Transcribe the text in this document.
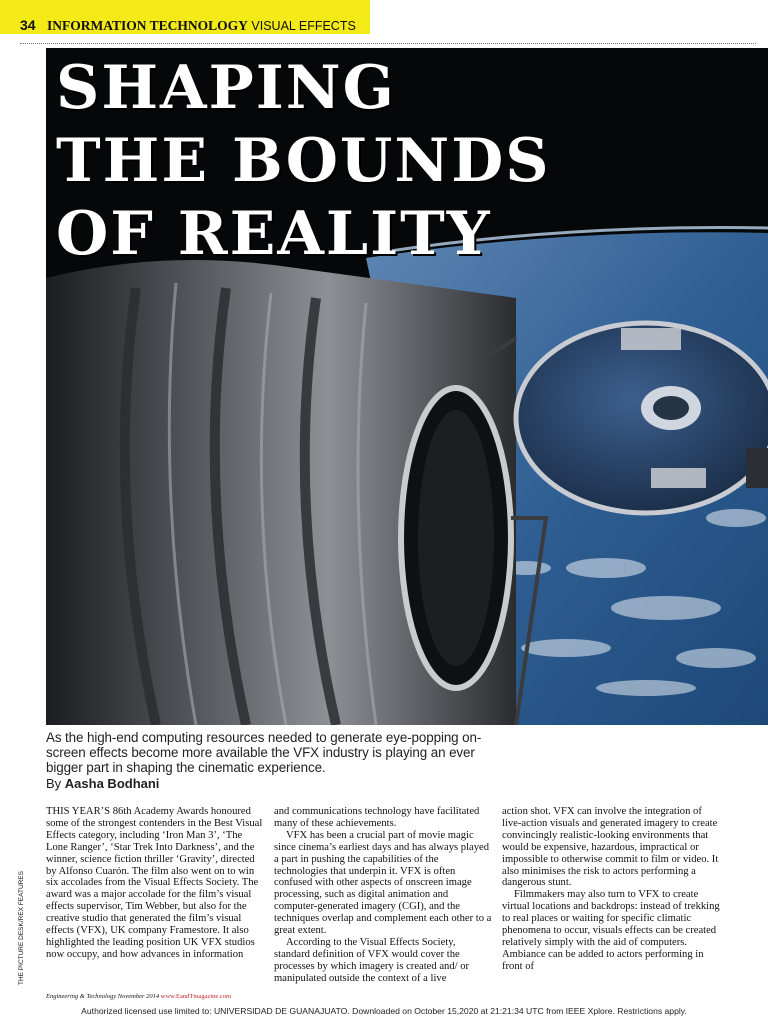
34 INFORMATION TECHNOLOGY VISUAL EFFECTS
SHAPING
THE BOUNDS
OF REALITY

As the high-end computing resources needed to generate eye-popping on-screen effects become more available the VFX industry is playing an ever bigger part in shaping the cinematic experience.

By Aasha Bodhani
THE PICTURE DESK/REX FEATURES

THIS YEAR’S 86th Academy Awards honoured some of the strongest contenders in the Best Visual Effects category, including ‘Iron Man 3’, ‘The Lone Ranger’, ‘Star Trek Into Darkness’, and the winner, science fiction thriller ‘Gravity’, directed by Alfonso Cuarón. The film also went on to win six accolades from the Visual Effects Society. The award was a major accolade for the film’s visual effects supervisor, Tim Webber, but also for the creative studio that generated the film’s visual effects (VFX), UK company Framestore. It also highlighted the leading position UK VFX studios now occupy, and how advances in information

and communications technology have facilitated many of these achievements.

VFX has been a crucial part of movie magic since cinema’s earliest days and has always played a part in pushing the capabilities of the technologies that underpin it. VFX is often confused with other aspects of onscreen image processing, such as digital animation and computer-generated imagery (CGI), and the techniques overlap and complement each other to a great extent.

According to the Visual Effects Society, standard definition of VFX would cover the processes by which imagery is created and/ or manipulated outside the context of a live

action shot. VFX can involve the integration of live-action visuals and generated imagery to create convincingly realistic-looking environments that would be expensive, hazardous, impractical or impossible to otherwise commit to film or video. It also minimises the risk to actors performing a dangerous stunt.

Filmmakers may also turn to VFX to create virtual locations and backdrops: instead of trekking to real places or waiting for specific climatic phenomena to occur, visuals effects can be created relatively simply with the aid of computers. Ambiance can be added to actors performing in front of

Engineering & Technology November 2014 www.EandTmagazine.com
Authorized licensed use limited to: UNIVERSIDAD DE GUANAJUATO. Downloaded on October 15,2020 at 21:21:34 UTC from IEEE Xplore. Restrictions apply.
